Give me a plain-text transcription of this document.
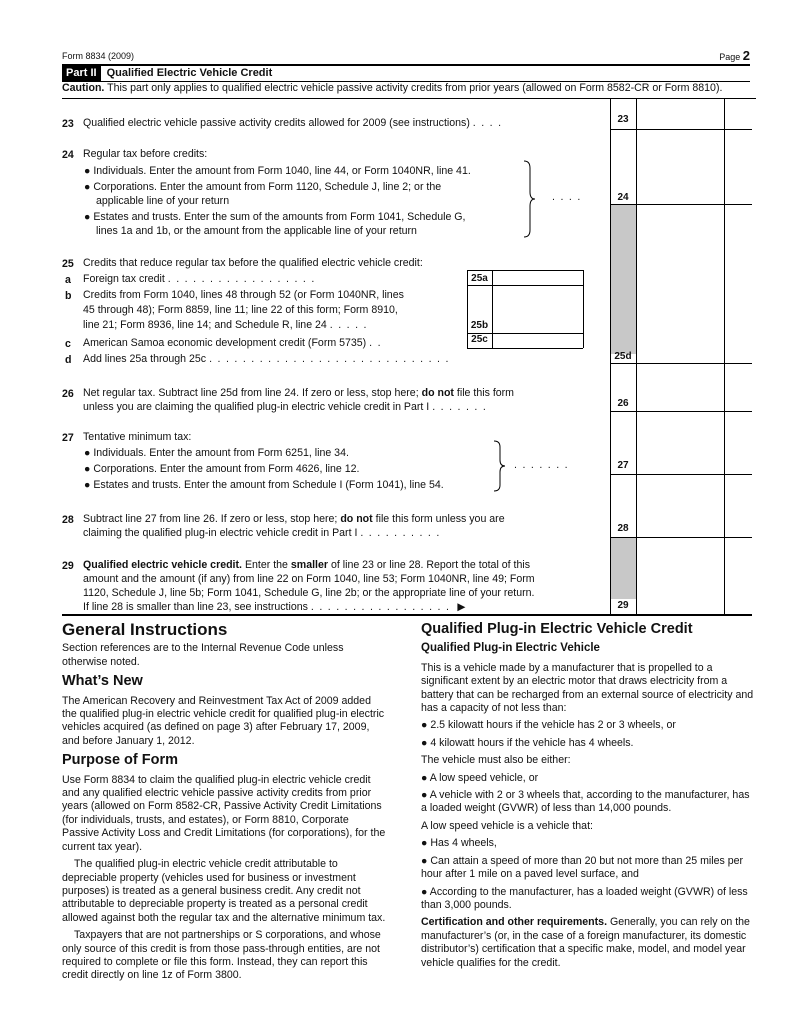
Form 8834 (2009)	Page 2
Part II Qualified Electric Vehicle Credit
Caution. This part only applies to qualified electric vehicle passive activity credits from prior years (allowed on Form 8582-CR or Form 8810).
23 Qualified electric vehicle passive activity credits allowed for 2009 (see instructions) ....	23
24 Regular tax before credits:
● Individuals. Enter the amount from Form 1040, line 44, or Form 1040NR, line 41.
● Corporations. Enter the amount from Form 1120, Schedule J, line 2; or the
applicable line of your return
● Estates and trusts. Enter the sum of the amounts from Form 1041, Schedule G,
lines 1a and 1b, or the amount from the applicable line of your return
....	24
25 Credits that reduce regular tax before the qualified electric vehicle credit:
a Foreign tax credit ..................	25a
b Credits from Form 1040, lines 48 through 52 (or Form 1040NR, lines
45 through 48); Form 8859, line 11; line 22 of this form; Form 8910,
line 21; Form 8936, line 14; and Schedule R, line 24 .....	25b
c American Samoa economic development credit (Form 5735) ..	25c
d Add lines 25a through 25c .............................	25d
26 Net regular tax. Subtract line 25d from line 24. If zero or less, stop here; do not file this form
unless you are claiming the qualified plug-in electric vehicle credit in Part I .......	26
27 Tentative minimum tax:
● Individuals. Enter the amount from Form 6251, line 34.
● Corporations. Enter the amount from Form 4626, line 12.
● Estates and trusts. Enter the amount from Schedule I (Form 1041), line 54.
.......	27
28 Subtract line 27 from line 26. If zero or less, stop here; do not file this form unless you are
claiming the qualified plug-in electric vehicle credit in Part I ..........	28
29 Qualified electric vehicle credit. Enter the smaller of line 23 or line 28. Report the total of this
amount and the amount (if any) from line 22 on Form 1040, line 53; Form 1040NR, line 49; Form
1120, Schedule J, line 5b; Form 1041, Schedule G, line 2b; or the appropriate line of your return.
If line 28 is smaller than line 23, see instructions ................. ▶	29
General Instructions

Section references are to the Internal Revenue Code unless otherwise noted.

What’s New

The American Recovery and Reinvestment Tax Act of 2009 added the qualified plug-in electric vehicle credit for qualified plug-in electric vehicles acquired (as defined on page 3) after February 17, 2009, and before January 1, 2012.

Purpose of Form

Use Form 8834 to claim the qualified plug-in electric vehicle credit and any qualified electric vehicle passive activity credits from prior years (allowed on Form 8582-CR, Passive Activity Credit Limitations (for individuals, trusts, and estates), or Form 8810, Corporate Passive Activity Loss and Credit Limitations (for corporations), for the current tax year).

The qualified plug-in electric vehicle credit attributable to depreciable property (vehicles used for business or investment purposes) is treated as a general business credit. Any credit not attributable to depreciable property is treated as a personal credit allowed against both the regular tax and the alternative minimum tax.

Taxpayers that are not partnerships or S corporations, and whose only source of this credit is from those pass-through entities, are not required to complete or file this form. Instead, they can report this credit directly on line 1z of Form 3800.

Qualified Plug-in Electric Vehicle Credit
Qualified Plug-in Electric Vehicle

This is a vehicle made by a manufacturer that is propelled to a significant extent by an electric motor that draws electricity from a battery that can be recharged from an external source of electricity and has a capacity of not less than:

● 2.5 kilowatt hours if the vehicle has 2 or 3 wheels, or

● 4 kilowatt hours if the vehicle has 4 wheels.

The vehicle must also be either:

● A low speed vehicle, or

● A vehicle with 2 or 3 wheels that, according to the manufacturer, has a loaded weight (GVWR) of less than 14,000 pounds.

A low speed vehicle is a vehicle that:

● Has 4 wheels,

● Can attain a speed of more than 20 but not more than 25 miles per hour after 1 mile on a paved level surface, and

● According to the manufacturer, has a loaded weight (GVWR) of less than 3,000 pounds.

Certification and other requirements. Generally, you can rely on the manufacturer’s (or, in the case of a foreign manufacturer, its domestic distributor’s) certification that a specific make, model, and model year vehicle qualifies for the credit.
